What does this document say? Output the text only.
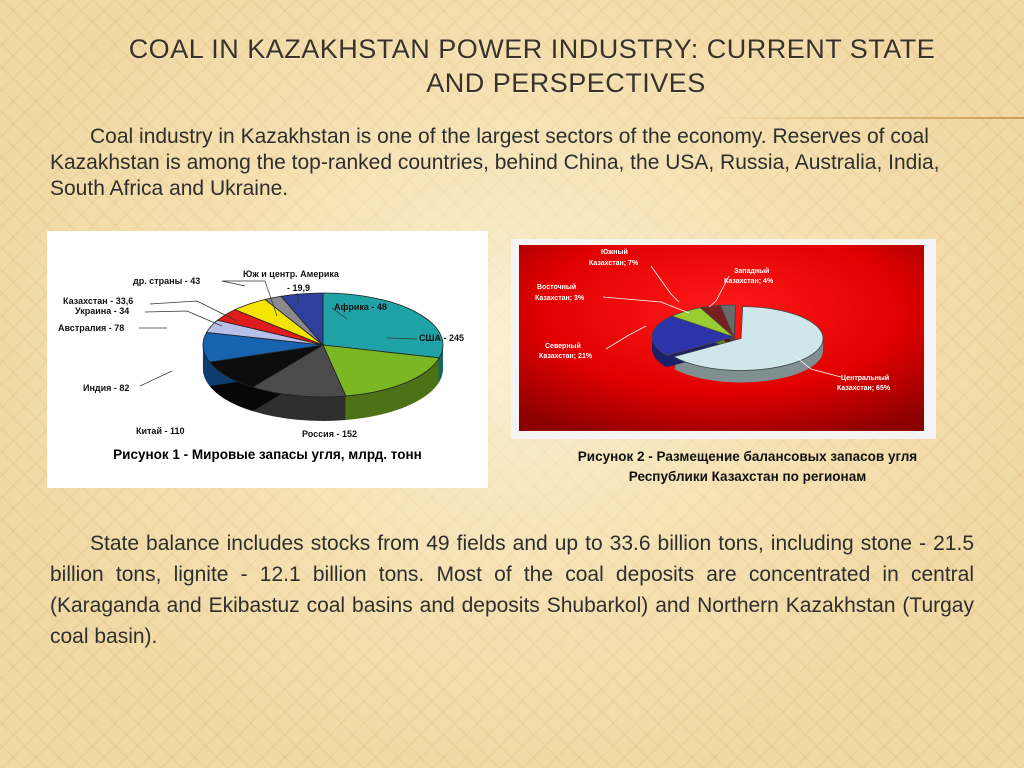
COAL IN KAZAKHSTAN POWER INDUSTRY: CURRENT STATE
AND PERSPECTIVES

Coal industry in Kazakhstan is one of the largest sectors of the economy. Reserves of coal Kazakhstan is among the top-ranked countries, behind China, the USA, Russia, Australia, India, South Africa and Ukraine.

др. страны - 43
Юж и центр. Америка
- 19,9
Африка - 48
Казахстан - 33,6
Украина - 34
Австралия - 78
США - 245
Индия - 82
Китай - 110	Россия - 152
Рисунок 1 - Мировые запасы угля, млрд. тонн
Южный
Казахстан; 7%
Западный
Казахстан; 4%
Восточный
Казахстан; 3%
Северный
Казахстан; 21%
Центральный
Казахстан; 65%
Рисунок 2 - Размещение балансовых запасов угля
Республики Казахстан по регионам

State balance includes stocks from 49 fields and up to 33.6 billion tons, including stone - 21.5 billion tons, lignite - 12.1 billion tons. Most of the coal deposits are concentrated in central (Karaganda and Ekibastuz coal basins and deposits Shubarkol) and Northern Kazakhstan (Turgay coal basin).
